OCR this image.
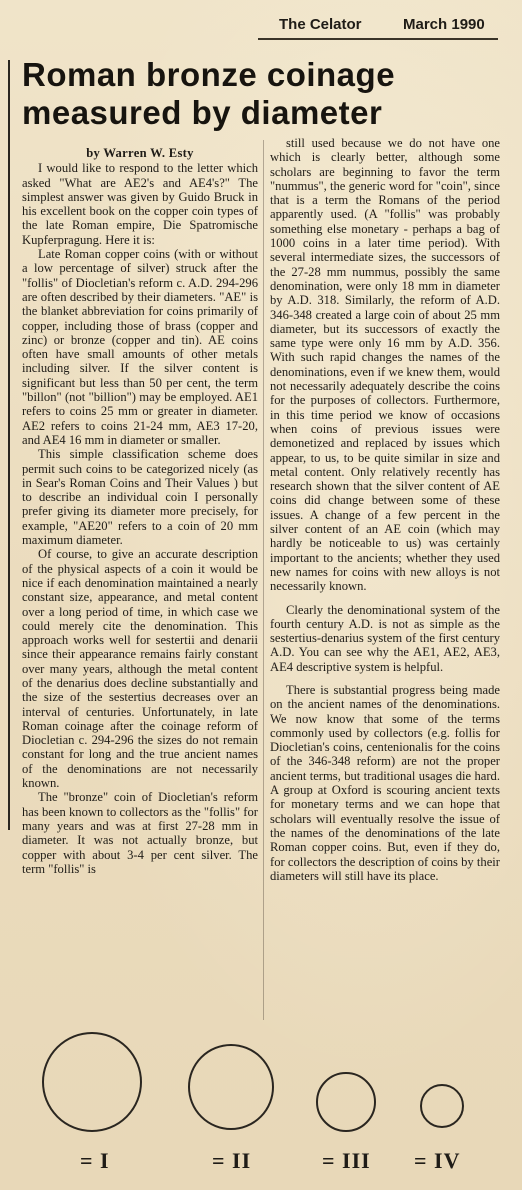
The Celator	March 1990
Roman bronze coinage measured by diameter
by Warren W. Esty

I would like to respond to the letter which asked "What are AE2's and AE4's?" The simplest answer was given by Guido Bruck in his excellent book on the copper coin types of the late Roman empire, Die Spatromische Kupferpragung. Here it is:

Late Roman copper coins (with or without a low percentage of silver) struck after the "follis" of Diocletian's reform c. A.D. 294-296 are often described by their diameters. "AE" is the blanket abbreviation for coins primarily of copper, including those of brass (copper and zinc) or bronze (copper and tin). AE coins often have small amounts of other metals including silver. If the silver content is significant but less than 50 per cent, the term "billon" (not "billion") may be employed. AE1 refers to coins 25 mm or greater in diameter. AE2 refers to coins 21-24 mm, AE3 17-20, and AE4 16 mm in diameter or smaller.

This simple classification scheme does permit such coins to be categorized nicely (as in Sear's Roman Coins and Their Values ) but to describe an individual coin I personally prefer giving its diameter more precisely, for example, "AE20" refers to a coin of 20 mm maximum diameter.

Of course, to give an accurate description of the physical aspects of a coin it would be nice if each denomination maintained a nearly constant size, appearance, and metal content over a long period of time, in which case we could merely cite the denomination. This approach works well for sestertii and denarii since their appearance remains fairly constant over many years, although the metal content of the denarius does decline substantially and the size of the sestertius decreases over an interval of centuries. Unfortunately, in late Roman coinage after the coinage reform of Diocletian c. 294-296 the sizes do not remain constant for long and the true ancient names of the denominations are not necessarily known.

The "bronze" coin of Diocletian's reform has been known to collectors as the "follis" for many years and was at first 27-28 mm in diameter. It was not actually bronze, but copper with about 3-4 per cent silver. The term "follis" is

still used because we do not have one which is clearly better, although some scholars are beginning to favor the term "nummus", the generic word for "coin", since that is a term the Romans of the period apparently used. (A "follis" was probably something else monetary - perhaps a bag of 1000 coins in a later time period). With several intermediate sizes, the successors of the 27-28 mm nummus, possibly the same denomination, were only 18 mm in diameter by A.D. 318. Similarly, the reform of A.D. 346-348 created a large coin of about 25 mm diameter, but its successors of exactly the same type were only 16 mm by A.D. 356. With such rapid changes the names of the denominations, even if we knew them, would not necessarily adequately describe the coins for the purposes of collectors. Furthermore, in this time period we know of occasions when coins of previous issues were demonetized and replaced by issues which appear, to us, to be quite similar in size and metal content. Only relatively recently has research shown that the silver content of AE coins did change between some of these issues. A change of a few percent in the silver content of an AE coin (which may hardly be noticeable to us) was certainly important to the ancients; whether they used new names for coins with new alloys is not necessarily known.

Clearly the denominational system of the fourth century A.D. is not as simple as the sestertius-denarius system of the first century A.D. You can see why the AE1, AE2, AE3, AE4 descriptive system is helpful.

There is substantial progress being made on the ancient names of the denominations. We now know that some of the terms commonly used by collectors (e.g. follis for Diocletian's coins, centenionalis for the coins of the 346-348 reform) are not the proper ancient terms, but traditional usages die hard. A group at Oxford is scouring ancient texts for monetary terms and we can hope that scholars will eventually resolve the issue of the names of the denominations of the late Roman copper coins. But, even if they do, for collectors the description of coins by their diameters will still have its place.

= I	= II	= III = IV
